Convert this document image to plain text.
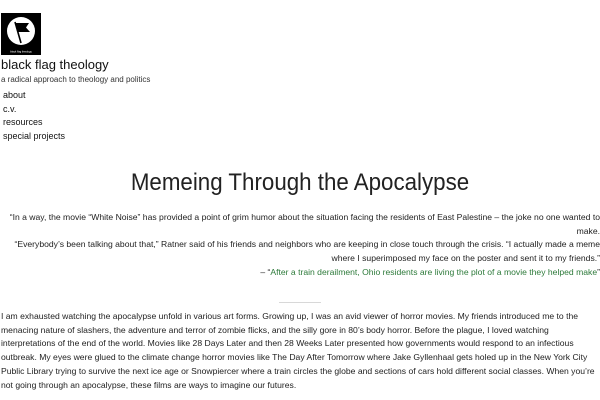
black flag theology
black flag theology
a radical approach to theology and politics
about
c.v.
resources
special projects
Memeing Through the Apocalypse

“In a way, the movie “White Noise” has provided a point of grim humor about the situation facing the residents of East Palestine – the joke no one wanted to

make.

“Everybody’s been talking about that,” Ratner said of his friends and neighbors who are keeping in close touch through the crisis. “I actually made a meme

where I superimposed my face on the poster and sent it to my friends.”

– “After a train derailment, Ohio residents are living the plot of a movie they helped make”

I am exhausted watching the apocalypse unfold in various art forms. Growing up, I was an avid viewer of horror movies. My friends introduced me to the
menacing nature of slashers, the adventure and terror of zombie flicks, and the silly gore in 80’s body horror. Before the plague, I loved watching
interpretations of the end of the world. Movies like 28 Days Later and then 28 Weeks Later presented how governments would respond to an infectious
outbreak. My eyes were glued to the climate change horror movies like The Day After Tomorrow where Jake Gyllenhaal gets holed up in the New York City
Public Library trying to survive the next ice age or Snowpiercer where a train circles the globe and sections of cars hold different social classes. When you’re
not going through an apocalypse, these films are ways to imagine our futures.
